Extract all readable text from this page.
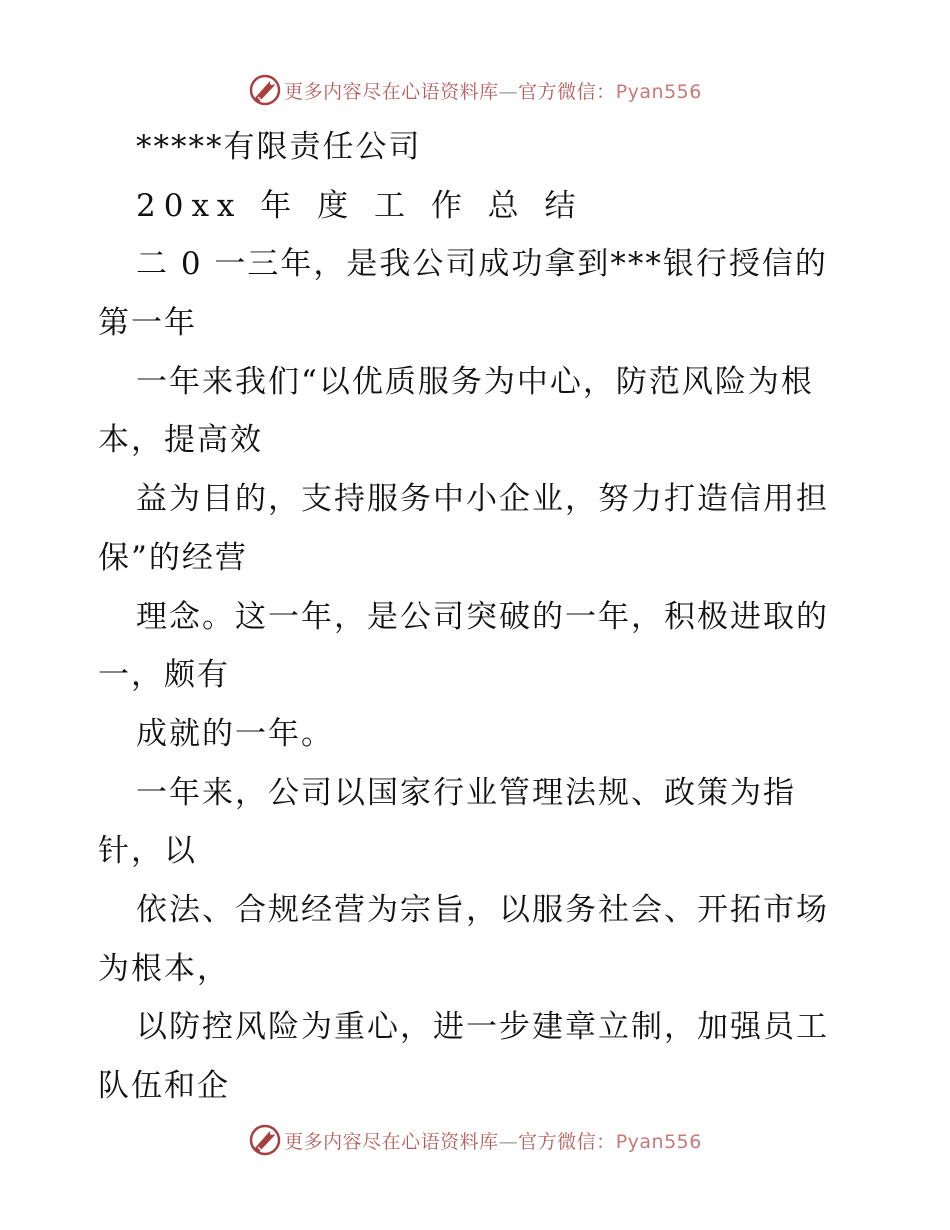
更多内容尽在心语资料库—官方微信：Pyan556
*****有限责任公司
20xx 年 度 工 作 总 结
二 0 一三年，是我公司成功拿到***银行授信的
第一年
一年来我们“以优质服务为中心，防范风险为根
本，提高效
益为目的，支持服务中小企业，努力打造信用担
保”的经营
理念。这一年，是公司突破的一年，积极进取的
一，颇有
成就的一年。
一年来，公司以国家行业管理法规、政策为指
针，以
依法、合规经营为宗旨，以服务社会、开拓市场
为根本，
以防控风险为重心，进一步建章立制，加强员工
队伍和企
更多内容尽在心语资料库—官方微信：Pyan556
